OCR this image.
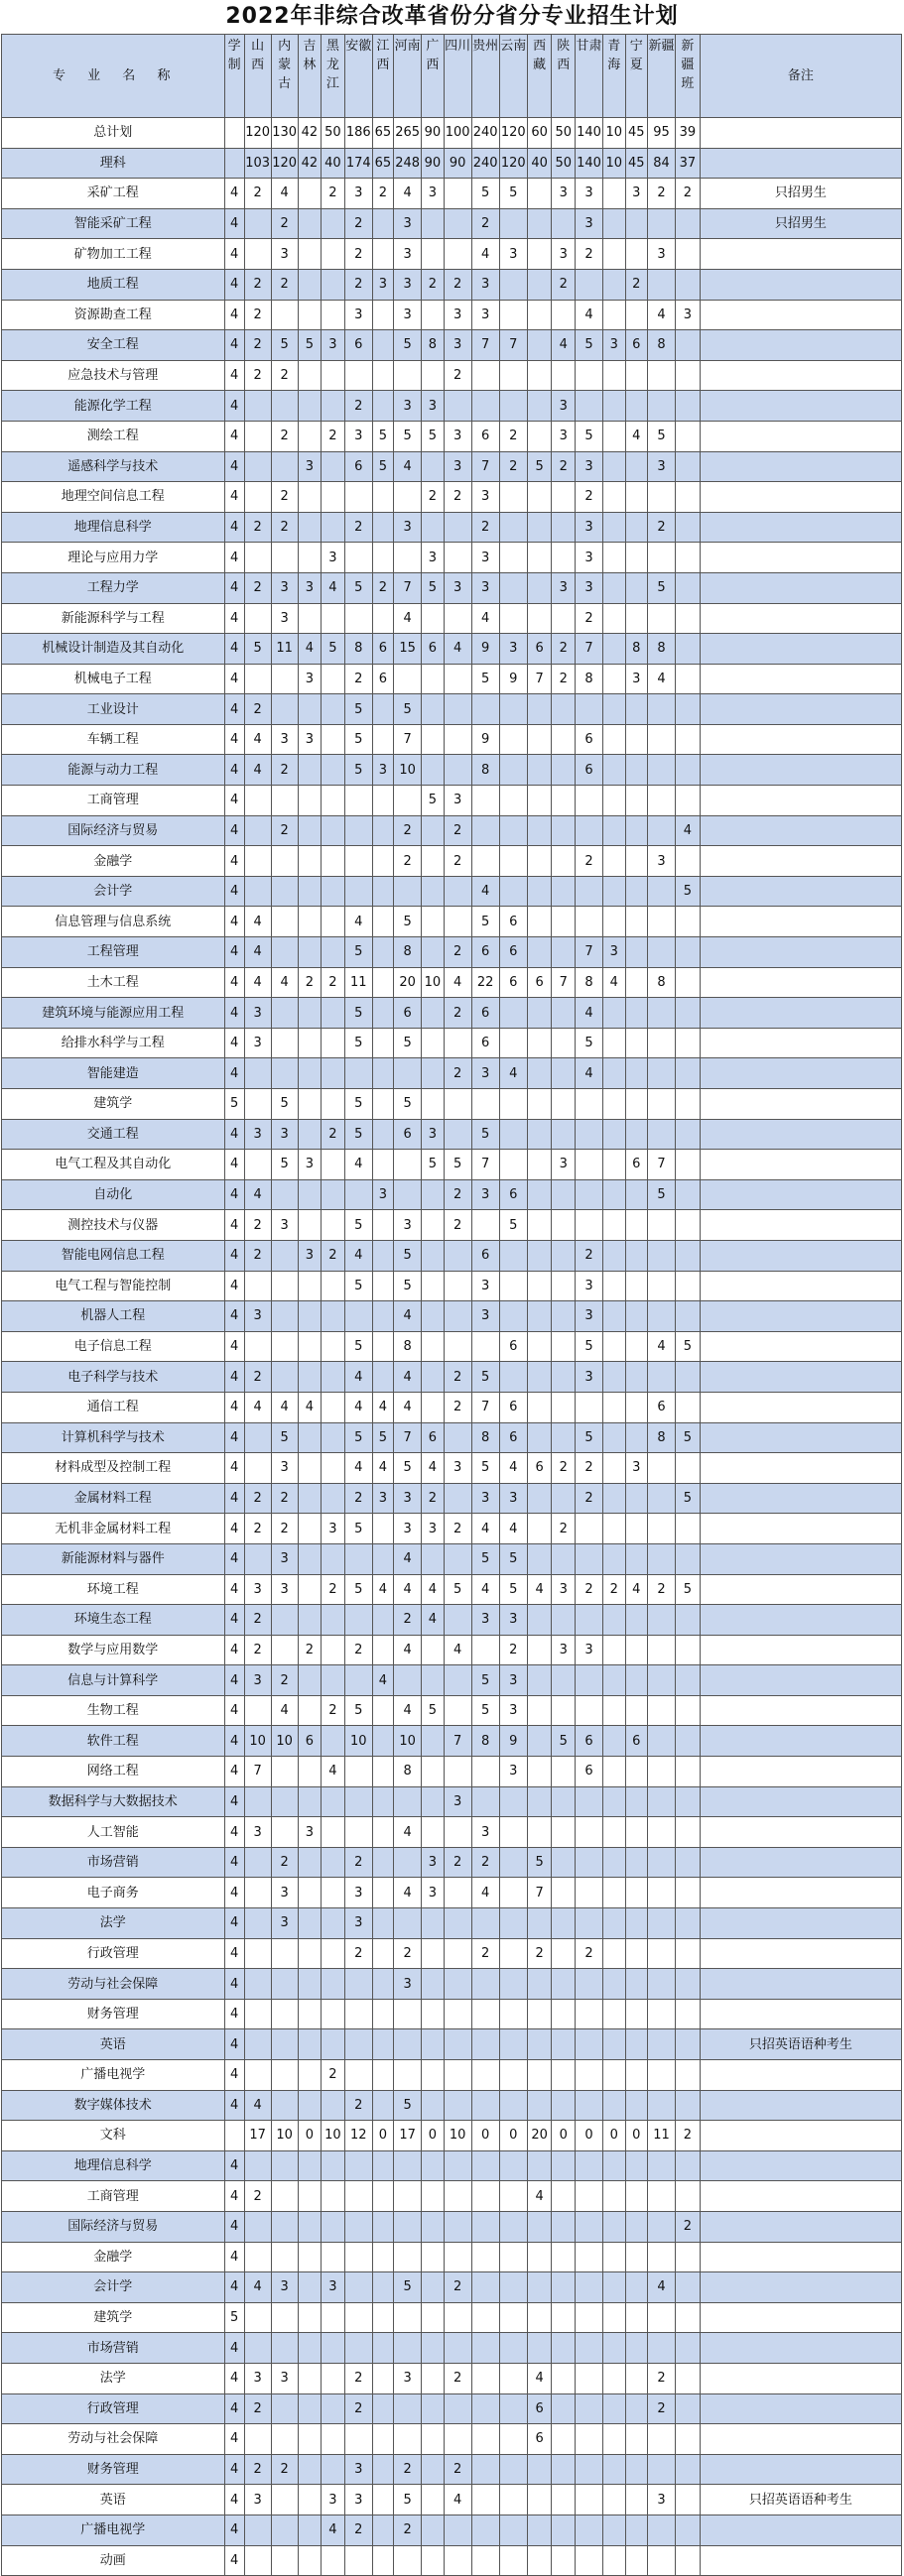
2022年非综合改革省份分省分专业招生计划
专 业 名 称	学制	山西	内蒙古	吉林	黑龙江	安徽	江西	河南	广西	四川	贵州	云南	西藏	陕西	甘肃	青海	宁夏	新疆	新疆班	备注
总计划		120	130	42	50	186	65	265	90	100	240	120	60	50	140	10	45	95	39	
理科		103	120	42	40	174	65	248	90	90	240	120	40	50	140	10	45	84	37	
采矿工程	4	2	4		2	3	2	4	3		5	5		3	3		3	2	2	只招男生
智能采矿工程	4		2			2		3			2				3					只招男生
矿物加工工程	4		3			2		3			4	3		3	2			3		
地质工程	4	2	2			2	3	3	2	2	3			2			2			
资源勘查工程	4	2				3		3		3	3				4			4	3	
安全工程	4	2	5	5	3	6		5	8	3	7	7		4	5	3	6	8		
应急技术与管理	4	2	2							2										
能源化学工程	4					2		3	3					3						
测绘工程	4		2		2	3	5	5	5	3	6	2		3	5		4	5		
遥感科学与技术	4			3		6	5	4		3	7	2	5	2	3			3		
地理空间信息工程	4		2						2	2	3				2					
地理信息科学	4	2	2			2		3			2				3			2		
理论与应用力学	4				3				3		3				3					
工程力学	4	2	3	3	4	5	2	7	5	3	3			3	3			5		
新能源科学与工程	4		3					4			4				2					
机械设计制造及其自动化	4	5	11	4	5	8	6	15	6	4	9	3	6	2	7		8	8		
机械电子工程	4			3		2	6				5	9	7	2	8		3	4		
工业设计	4	2				5		5												
车辆工程	4	4	3	3		5		7			9				6					
能源与动力工程	4	4	2			5	3	10			8				6					
工商管理	4								5	3										
国际经济与贸易	4		2					2		2									4	
金融学	4							2		2					2			3		
会计学	4										4								5	
信息管理与信息系统	4	4				4		5			5	6								
工程管理	4	4				5		8		2	6	6			7	3				
土木工程	4	4	4	2	2	11		20	10	4	22	6	6	7	8	4		8		
建筑环境与能源应用工程	4	3				5		6		2	6				4					
给排水科学与工程	4	3				5		5			6				5					
智能建造	4									2	3	4			4					
建筑学	5		5			5		5												
交通工程	4	3	3		2	5		6	3		5									
电气工程及其自动化	4		5	3		4			5	5	7			3			6	7		
自动化	4	4					3			2	3	6						5		
测控技术与仪器	4	2	3			5		3		2		5								
智能电网信息工程	4	2		3	2	4		5			6				2					
电气工程与智能控制	4					5		5			3				3					
机器人工程	4	3						4			3				3					
电子信息工程	4					5		8				6			5			4	5	
电子科学与技术	4	2				4		4		2	5				3					
通信工程	4	4	4	4		4	4	4		2	7	6						6		
计算机科学与技术	4		5			5	5	7	6		8	6			5			8	5	
材料成型及控制工程	4		3			4	4	5	4	3	5	4	6	2	2		3			
金属材料工程	4	2	2			2	3	3	2		3	3			2				5	
无机非金属材料工程	4	2	2		3	5		3	3	2	4	4		2						
新能源材料与器件	4		3					4			5	5								
环境工程	4	3	3		2	5	4	4	4	5	4	5	4	3	2	2	4	2	5	
环境生态工程	4	2						2	4		3	3								
数学与应用数学	4	2		2		2		4		4		2		3	3					
信息与计算科学	4	3	2				4				5	3								
生物工程	4		4		2	5		4	5		5	3								
软件工程	4	10	10	6		10		10		7	8	9		5	6		6			
网络工程	4	7			4			8				3			6					
数据科学与大数据技术	4									3										
人工智能	4	3		3				4			3									
市场营销	4		2			2			3	2	2		5							
电子商务	4		3			3		4	3		4		7							
法学	4		3			3														
行政管理	4					2		2			2		2		2					
劳动与社会保障	4							3												
财务管理	4																			
英语	4																			只招英语语种考生
广播电视学	4				2															
数字媒体技术	4	4				2		5												
文科		17	10	0	10	12	0	17	0	10	0	0	20	0	0	0	0	11	2	
地理信息科学	4																			
工商管理	4	2											4							
国际经济与贸易	4																		2	
金融学	4																			
会计学	4	4	3		3			5		2								4		
建筑学	5																			
市场营销	4																			
法学	4	3	3			2		3		2			4					2		
行政管理	4	2				2							6					2		
劳动与社会保障	4												6							
财务管理	4	2	2			3		2		2										
英语	4	3			3	3		5		4								3		只招英语语种考生
广播电视学	4				4	2		2												
动画	4																			
